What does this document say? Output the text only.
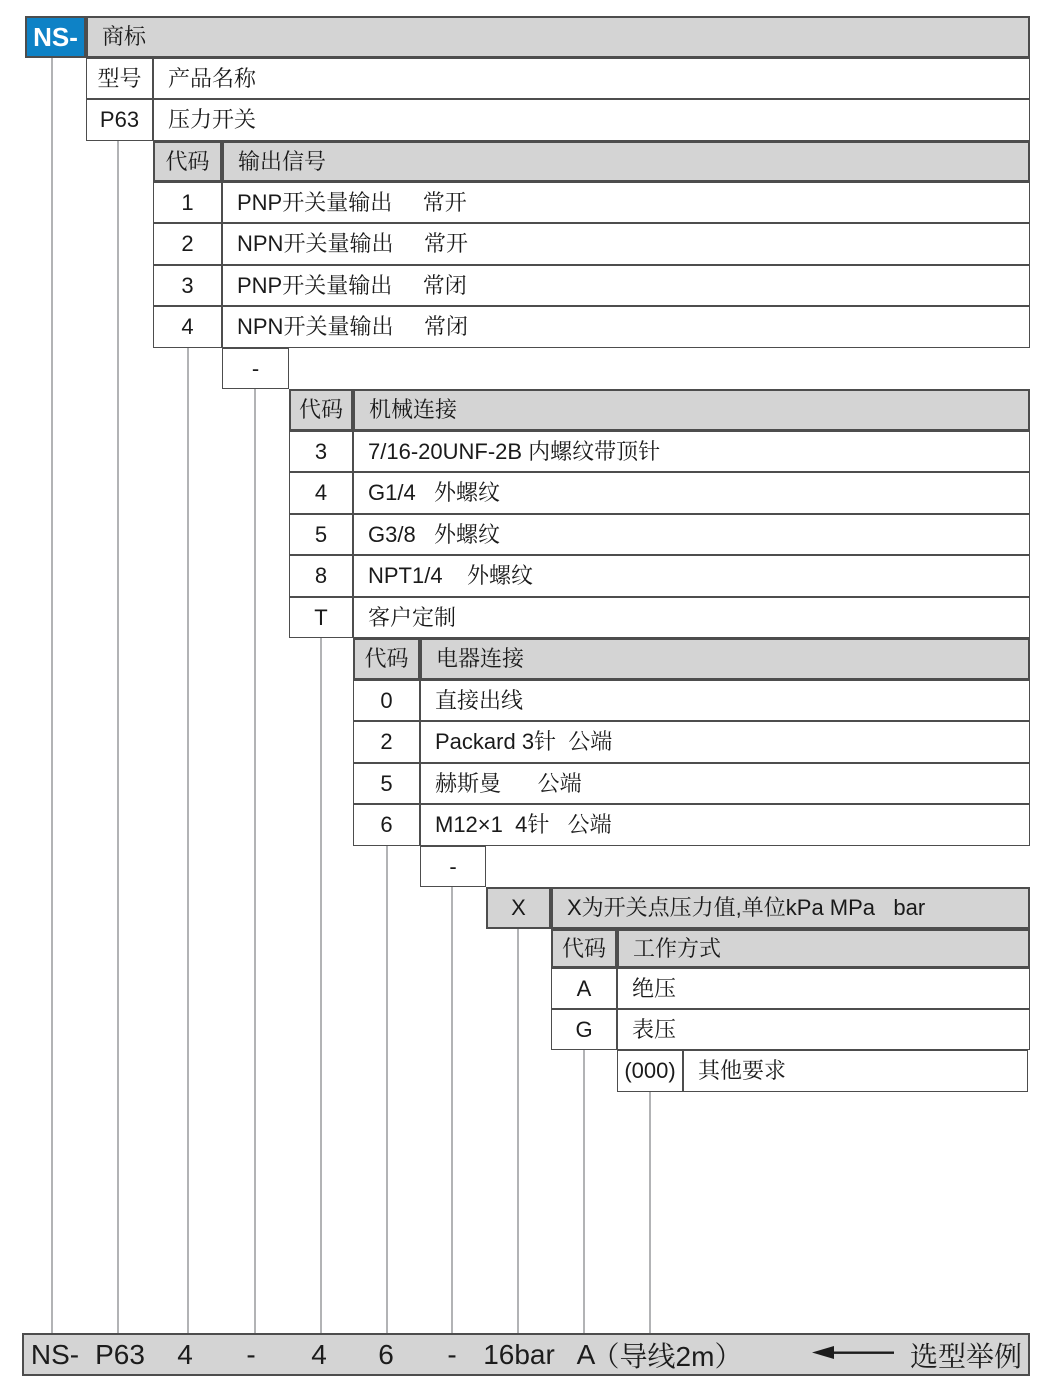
NS-	商标
型号	产品名称
P63	压力开关
代码	输出信号
1	PNP开关量输出     常开
2	NPN开关量输出     常开
3	PNP开关量输出     常闭
4	NPN开关量输出     常闭
-
代码	机械连接
3	7/16-20UNF-2B 内螺纹带顶针
4	G1/4   外螺纹
5	G3/8   外螺纹
8	NPT1/4    外螺纹
T	客户定制
代码	电器连接
0	直接出线
2	Packard 3针  公端
5	赫斯曼      公端
6	M12×1  4针   公端
-
X	X为开关点压力值,单位kPa MPa   bar
代码	工作方式
A	绝压
G	表压
(000)	其他要求
NS- P63 4 - 4 6 - 16bar A
（导线2m）	选型举例
